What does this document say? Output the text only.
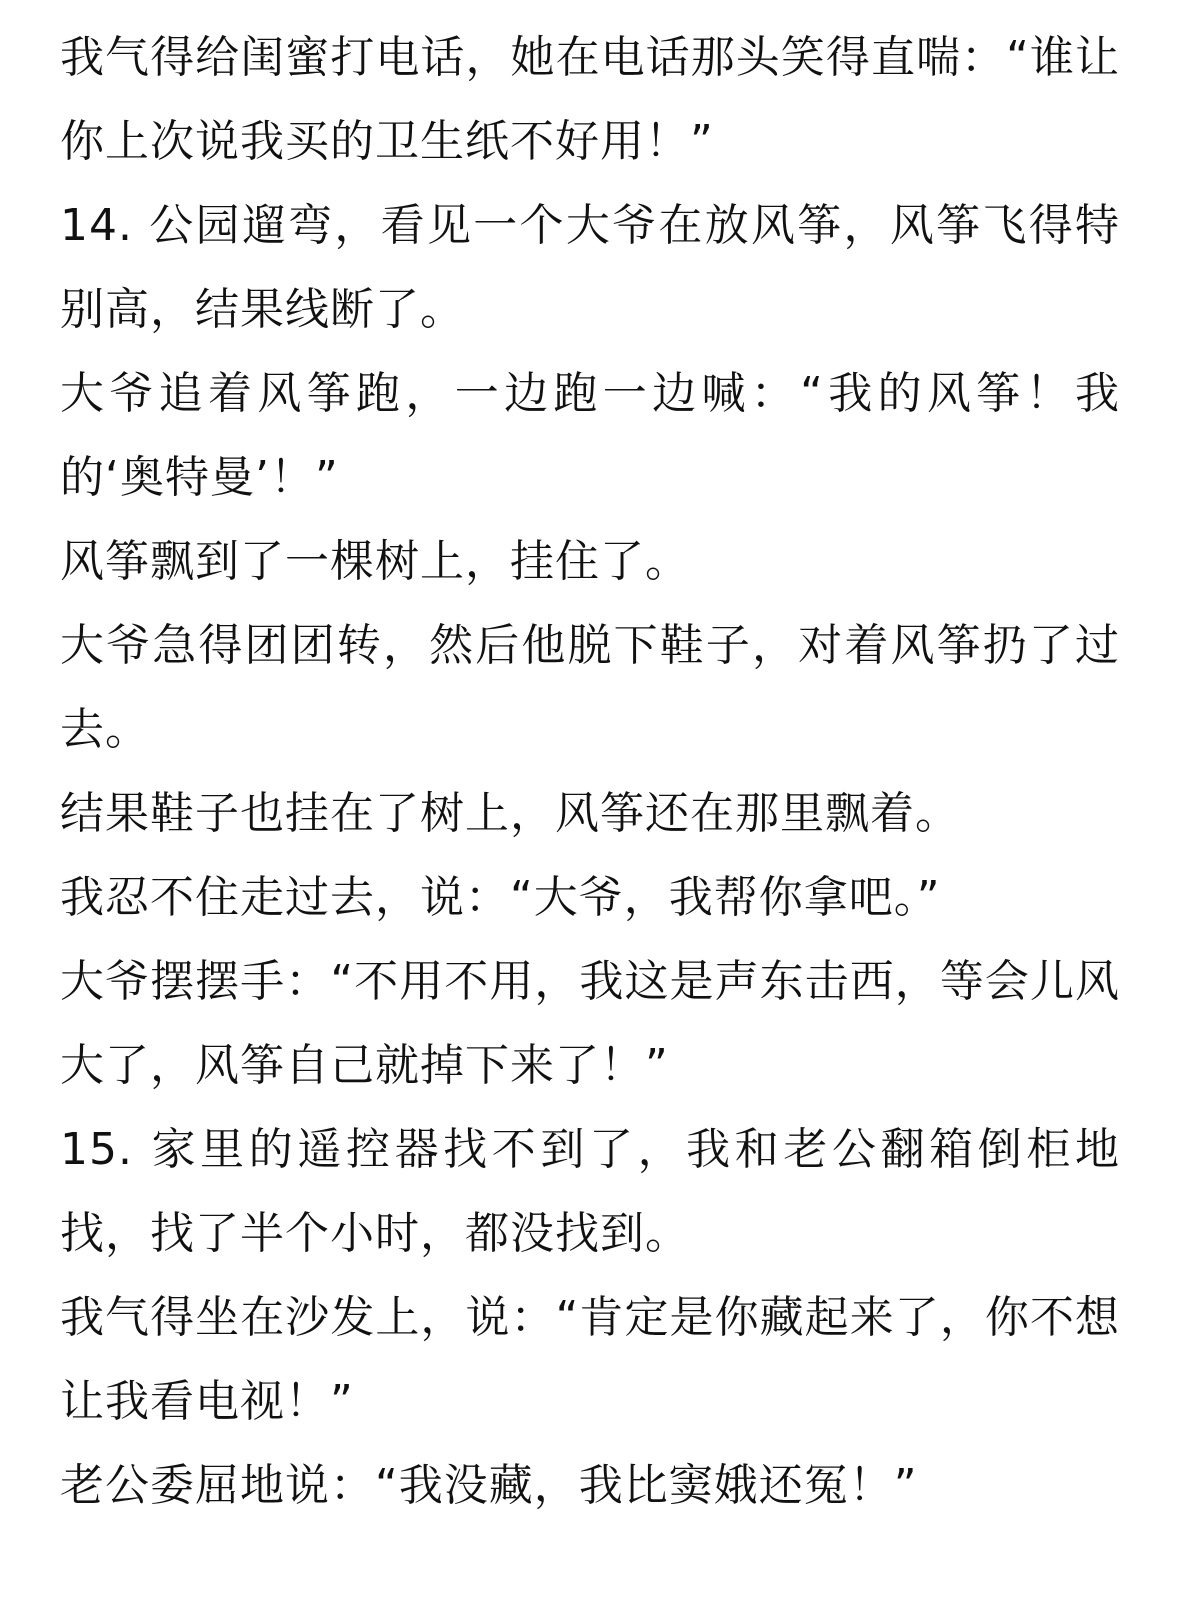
我气得给闺蜜打电话，她在电话那头笑得直喘：“谁让你上次说我买的卫生纸不好用！”

14. 公园遛弯，看见一个大爷在放风筝，风筝飞得特别高，结果线断了。

大爷追着风筝跑，一边跑一边喊：“我的风筝！我的‘奥特曼’！”

风筝飘到了一棵树上，挂住了。

大爷急得团团转，然后他脱下鞋子，对着风筝扔了过去。

结果鞋子也挂在了树上，风筝还在那里飘着。

我忍不住走过去，说：“大爷，我帮你拿吧。”

大爷摆摆手：“不用不用，我这是声东击西，等会儿风大了，风筝自己就掉下来了！”

15. 家里的遥控器找不到了，我和老公翻箱倒柜地找，找了半个小时，都没找到。

我气得坐在沙发上，说：“肯定是你藏起来了，你不想让我看电视！”

老公委屈地说：“我没藏，我比窦娥还冤！”
